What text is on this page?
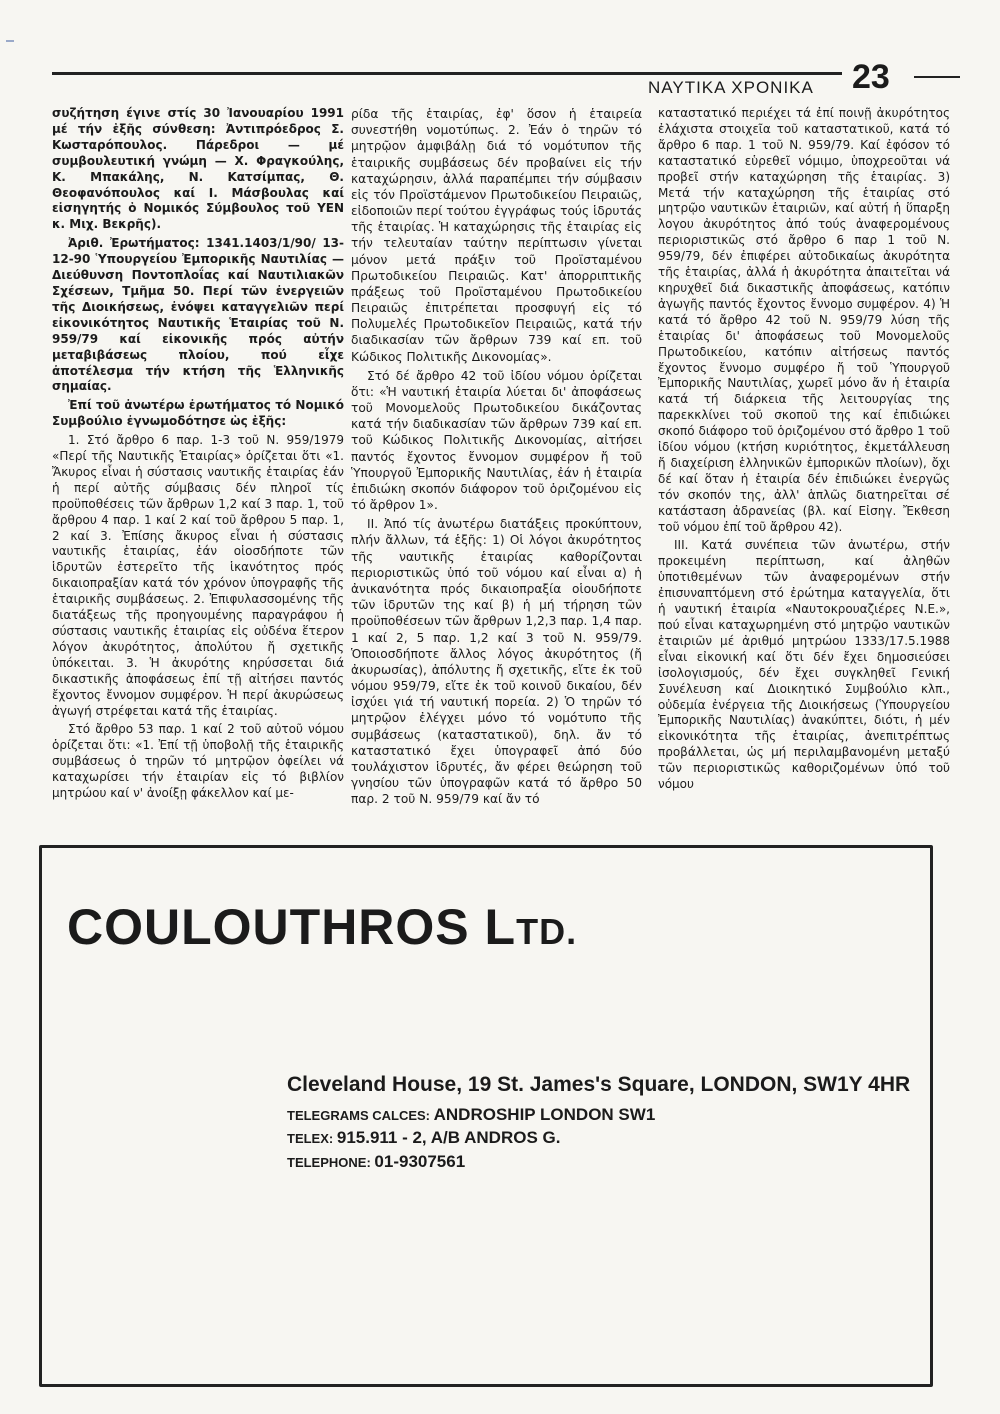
ΝΑΥΤΙΚΑ ΧΡΟΝΙΚΑ 23

συζήτηση έγινε στίς 30 Ἰανουαρίου 1991 μέ τήν ἑξῆς σύνθεση: Ἀντιπρόεδρος Σ. Κωσταρόπουλος. Πάρεδροι — μέ συμβουλευτική γνώμη — Χ. Φραγκούλης, Κ. Μπακάλης, Ν. Κατσίμπας, Θ. Θεοφανόπουλος καί Ι. Μάσβουλας καί εἰσηγητής ὁ Νομικός Σύμβουλος τοῦ ΥΕΝ κ. Μιχ. Βεκρῆς).

Ἀριθ. Ἐρωτήματος: 1341.1403/1/90/ 13-12-90 Ὑπουργείου Ἐμπορικῆς Ναυτιλίας — Διεύθυνση Ποντοπλοΐας καί Ναυτιλιακῶν Σχέσεων, Τμῆμα 50. Περί τῶν ἐνεργειῶν τῆς Διοικήσεως, ἐνόψει καταγγελιῶν περί εἰκονικότητος Ναυτικῆς Ἑταιρίας τοῦ Ν. 959/79 καί εἰκονικῆς πρός αὐτήν μεταβιβάσεως πλοίου, πού εἶχε ἀποτέλεσμα τήν κτήση τῆς Ἑλληνικῆς σημαίας.

Ἐπί τοῦ ἀνωτέρω ἐρωτήματος τό Νομικό Συμβούλιο ἐγνωμοδότησε ὡς ἑξῆς:

1. Στό ἄρθρο 6 παρ. 1-3 τοῦ Ν. 959/1979 «Περί τῆς Ναυτικῆς Ἑταιρίας» ὁρίζεται ὅτι «1. Ἄκυρος εἶναι ἡ σύστασις ναυτικῆς ἑταιρίας ἐάν ἡ περί αὐτῆς σύμβασις δέν πληροῖ τίς προϋποθέσεις τῶν ἄρθρων 1,2 καί 3 παρ. 1, τοῦ ἄρθρου 4 παρ. 1 καί 2 καί τοῦ ἄρθρου 5 παρ. 1, 2 καί 3. Ἐπίσης ἄκυρος εἶναι ἡ σύστασις ναυτικῆς ἑταιρίας, ἐάν οἱοσδήποτε τῶν ἱδρυτῶν ἐστερεῖτο τῆς ἱκανότητος πρός δικαιοπραξίαν κατά τόν χρόνον ὑπογραφῆς τῆς ἑταιρικῆς συμβάσεως. 2. Ἐπιφυλασσομένης τῆς διατάξεως τῆς προηγουμένης παραγράφου ἡ σύστασις ναυτικῆς ἑταιρίας εἰς οὐδένα ἕτερον λόγον ἀκυρότητος, ἀπολύτου ἤ σχετικῆς ὑπόκειται. 3. Ἡ ἀκυρότης κηρύσσεται διά δικαστικῆς ἀποφάσεως ἐπί τῇ αἰτήσει παντός ἔχοντος ἔννομον συμφέρον. Ἡ περί ἀκυρώσεως ἀγωγή στρέφεται κατά τῆς ἑταιρίας.

Στό ἄρθρο 53 παρ. 1 καί 2 τοῦ αὐτοῦ νόμου ὁρίζεται ὅτι: «1. Ἐπί τῇ ὑποβολῇ τῆς ἑταιρικῆς συμβάσεως ὁ τηρῶν τό μητρῷον ὀφείλει νά καταχωρίσει τήν ἑταιρίαν εἰς τό βιβλίον μητρώου καί ν' ἀνοίξῃ φάκελλον καί με-

ρίδα τῆς ἑταιρίας, ἐφ' ὅσον ἡ ἑταιρεία συνεστήθη νομοτύπως. 2. Ἐάν ὁ τηρῶν τό μητρῷον ἀμφιβάλῃ διά τό νομότυπον τῆς ἑταιρικῆς συμβάσεως δέν προβαίνει εἰς τήν καταχώρησιν, ἀλλά παραπέμπει τήν σύμβασιν εἰς τόν Προϊστάμενον Πρωτοδικείου Πειραιῶς, εἰδοποιῶν περί τούτου ἐγγράφως τούς ἱδρυτάς τῆς ἑταιρίας. Ἡ καταχώρησις τῆς ἑταιρίας εἰς τήν τελευταίαν ταύτην περίπτωσιν γίνεται μόνον μετά πράξιν τοῦ Προϊσταμένου Πρωτοδικείου Πειραιῶς. Κατ' ἀπορριπτικῆς πράξεως τοῦ Προϊσταμένου Πρωτοδικείου Πειραιῶς ἐπιτρέπεται προσφυγή εἰς τό Πολυμελές Πρωτοδικεῖον Πειραιῶς, κατά τήν διαδικασίαν τῶν ἄρθρων 739 καί επ. τοῦ Κώδικος Πολιτικῆς Δικονομίας».

Στό δέ ἄρθρο 42 τοῦ ἰδίου νόμου ὁρίζεται ὅτι: «Ἡ ναυτική ἑταιρία λύεται δι' ἀποφάσεως τοῦ Μονομελοῦς Πρωτοδικείου δικάζοντας κατά τήν διαδικασίαν τῶν ἄρθρων 739 καί επ. τοῦ Κώδικος Πολιτικῆς Δικονομίας, αἰτήσει παντός ἔχοντος ἔννομον συμφέρον ἤ τοῦ Ὑπουργοῦ Ἐμπορικῆς Ναυτιλίας, ἐάν ἡ ἑταιρία ἐπιδιώκη σκοπόν διάφορον τοῦ ὁριζομένου εἰς τό ἄρθρον 1».

ΙΙ. Ἀπό τίς ἀνωτέρω διατάξεις προκύπτουν, πλήν ἄλλων, τά ἑξῆς: 1) Οἱ λόγοι ἀκυρότητος τῆς ναυτικῆς ἑταιρίας καθορίζονται περιοριστικῶς ὑπό τοῦ νόμου καί εἶναι α) ἡ ἀνικανότητα πρός δικαιοπραξία οἱουδήποτε τῶν ἱδρυτῶν της καί β) ἡ μή τήρηση τῶν προϋποθέσεων τῶν ἄρθρων 1,2,3 παρ. 1,4 παρ. 1 καί 2, 5 παρ. 1,2 καί 3 τοῦ Ν. 959/79. Ὁποιοσδήποτε ἄλλος λόγος ἀκυρότητος (ἤ ἀκυρωσίας), ἀπόλυτης ἤ σχετικῆς, εἴτε ἐκ τοῦ νόμου 959/79, εἴτε ἐκ τοῦ κοινοῦ δικαίου, δέν ἰσχύει γιά τή ναυτική πορεία. 2) Ὁ τηρῶν τό μητρῷον ἐλέγχει μόνο τό νομότυπο τῆς συμβάσεως (καταστατικοῦ), δηλ. ἄν τό καταστατικό ἔχει ὑπογραφεῖ ἀπό δύο τουλάχιστον ἱδρυτές, ἄν φέρει θεώρηση τοῦ γνησίου τῶν ὑπογραφῶν κατά τό ἄρθρο 50 παρ. 2 τοῦ Ν. 959/79 καί ἄν τό

καταστατικό περιέχει τά ἐπί ποινῇ ἀκυρότητος ἐλάχιστα στοιχεῖα τοῦ καταστατικοῦ, κατά τό ἄρθρο 6 παρ. 1 τοῦ Ν. 959/79. Καί ἐφόσον τό καταστατικό εὑρεθεῖ νόμιμο, ὑποχρεοῦται νά προβεῖ στήν καταχώρηση τῆς ἑταιρίας. 3) Μετά τήν καταχώρηση τῆς ἑταιρίας στό μητρῷο ναυτικῶν ἑταιριῶν, καί αὐτή ἡ ὕπαρξη λογου ἀκυρότητος ἀπό τούς ἀναφερομένους περιοριστικῶς στό ἄρθρο 6 παρ 1 τοῦ Ν. 959/79, δέν ἐπιφέρει αὐτοδικαίως ἀκυρότητα τῆς ἑταιρίας, ἀλλά ἡ ἀκυρότητα ἀπαιτεῖται νά κηρυχθεῖ διά δικαστικῆς ἀποφάσεως, κατόπιν ἀγωγῆς παντός ἔχοντος ἔννομο συμφέρον. 4) Ἡ κατά τό ἄρθρο 42 τοῦ Ν. 959/79 λύση τῆς ἑταιρίας δι' ἀποφάσεως τοῦ Μονομελοῦς Πρωτοδικείου, κατόπιν αἰτήσεως παντός ἔχοντος ἔννομο συμφέρο ἤ τοῦ Ὑπουργοῦ Ἐμπορικῆς Ναυτιλίας, χωρεῖ μόνο ἄν ἡ ἑταιρία κατά τή διάρκεια τῆς λειτουργίας της παρεκκλίνει τοῦ σκοποῦ της καί ἐπιδιώκει σκοπό διάφορο τοῦ ὁριζομένου στό ἄρθρο 1 τοῦ ἰδίου νόμου (κτήση κυριότητος, ἐκμετάλλευση ἤ διαχείριση ἑλληνικῶν ἐμπορικῶν πλοίων), ὄχι δέ καί ὅταν ἡ ἑταιρία δέν ἐπιδιώκει ἐνεργῶς τόν σκοπόν της, ἀλλ' ἁπλῶς διατηρεῖται σέ κατάσταση ἀδρανείας (βλ. καί Εἰσηγ. Ἔκθεση τοῦ νόμου ἐπί τοῦ ἄρθρου 42).

ΙΙΙ. Κατά συνέπεια τῶν ἀνωτέρω, στήν προκειμένη περίπτωση, καί ἀληθῶν ὑποτιθεμένων τῶν ἀναφερομένων στήν ἐπισυναπτόμενη στό ἐρώτημα καταγγελία, ὅτι ἡ ναυτική ἑταιρία «Ναυτοκρουαζιέρες Ν.Ε.», πού εἶναι καταχωρημένη στό μητρῷο ναυτικῶν ἑταιριῶν μέ ἀριθμό μητρώου 1333/17.5.1988 εἶναι εἰκονική καί ὅτι δέν ἔχει δημοσιεύσει ἰσολογισμούς, δέν ἔχει συγκληθεῖ Γενική Συνέλευση καί Διοικητικό Συμβούλιο κλπ., οὐδεμία ἐνέργεια τῆς Διοικήσεως (Ὑπουργείου Ἐμπορικῆς Ναυτιλίας) ἀνακύπτει, διότι, ἡ μέν εἰκονικότητα τῆς ἑταιρίας, ἀνεπιτρέπτως προβάλλεται, ὡς μή περιλαμβανομένη μεταξύ τῶν περιοριστικῶς καθοριζομένων ὑπό τοῦ νόμου

COULOUTHROS LTD.
Cleveland House, 19 St. James's Square, LONDON, SW1Y 4HR
TELEGRAMS CALCES: ANDROSHIP LONDON SW1
TELEX: 915.911 - 2, A/B ANDROS G.
TELEPHONE: 01-9307561
